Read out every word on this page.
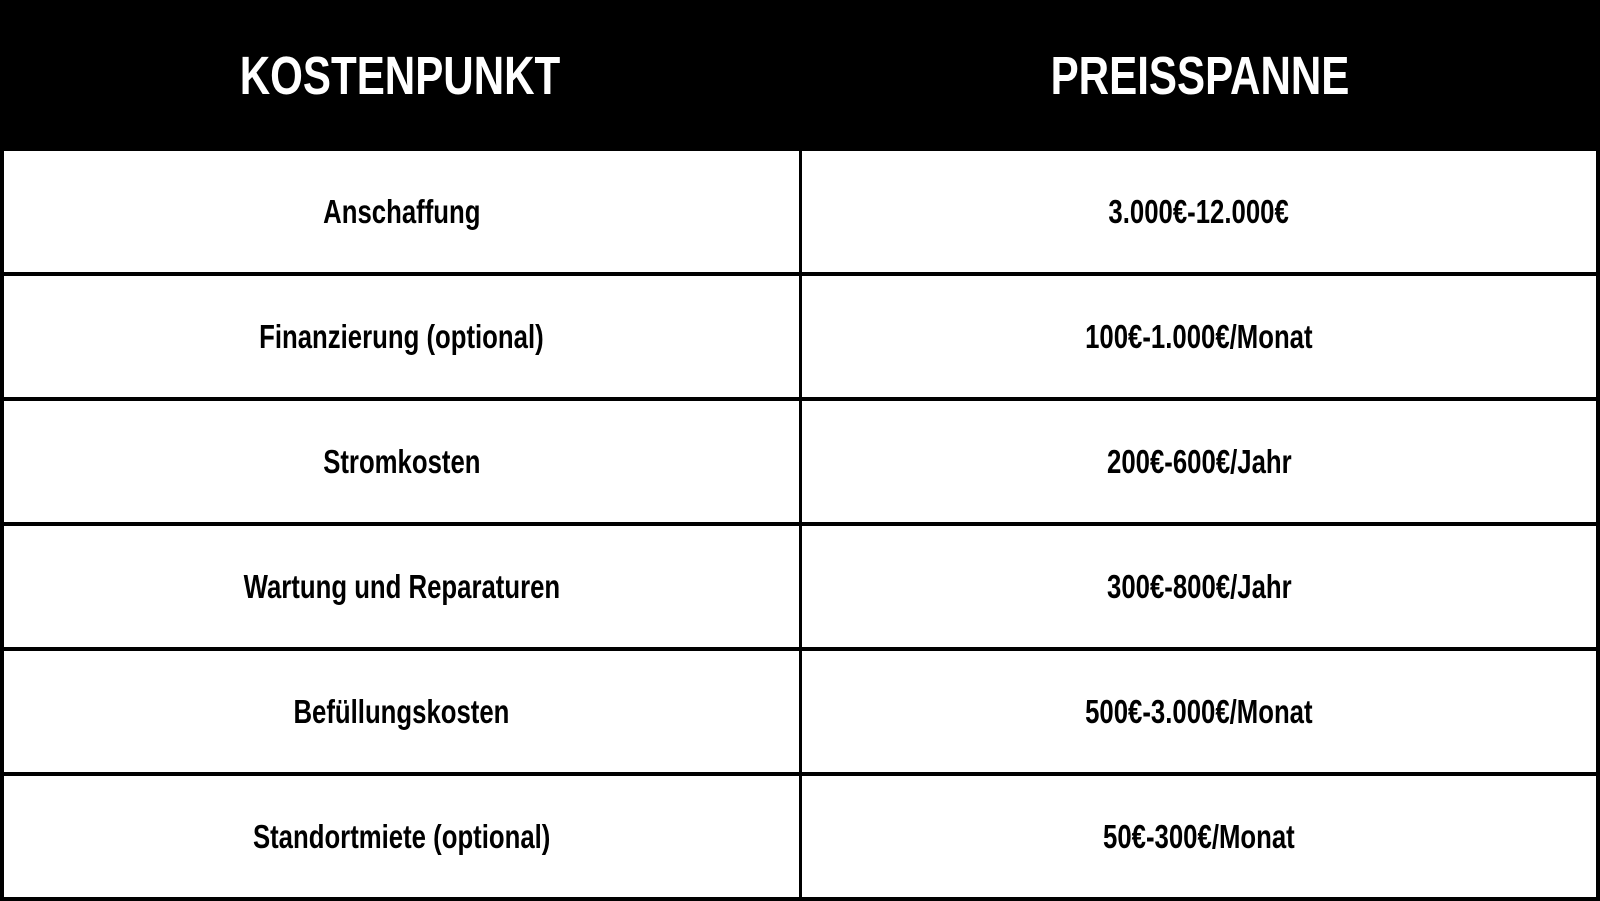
KOSTENPUNKT	PREISSPANNE
Anschaffung	3.000€-12.000€
Finanzierung (optional)	100€-1.000€/Monat
Stromkosten	200€-600€/Jahr
Wartung und Reparaturen	300€-800€/Jahr
Befüllungskosten	500€-3.000€/Monat
Standortmiete (optional)	50€-300€/Monat
